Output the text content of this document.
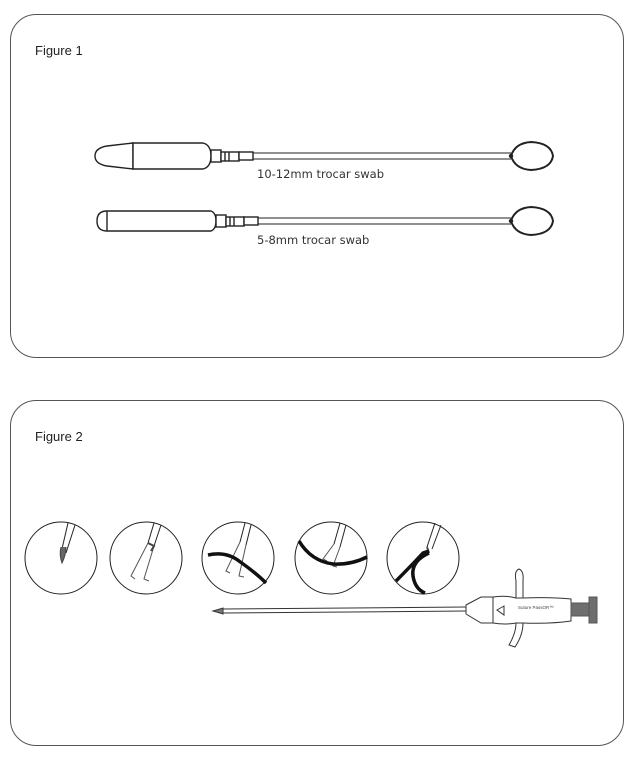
Figure 1
10-12mm trocar swab
5-8mm trocar swab
Figure 2
Suture PassOR™
